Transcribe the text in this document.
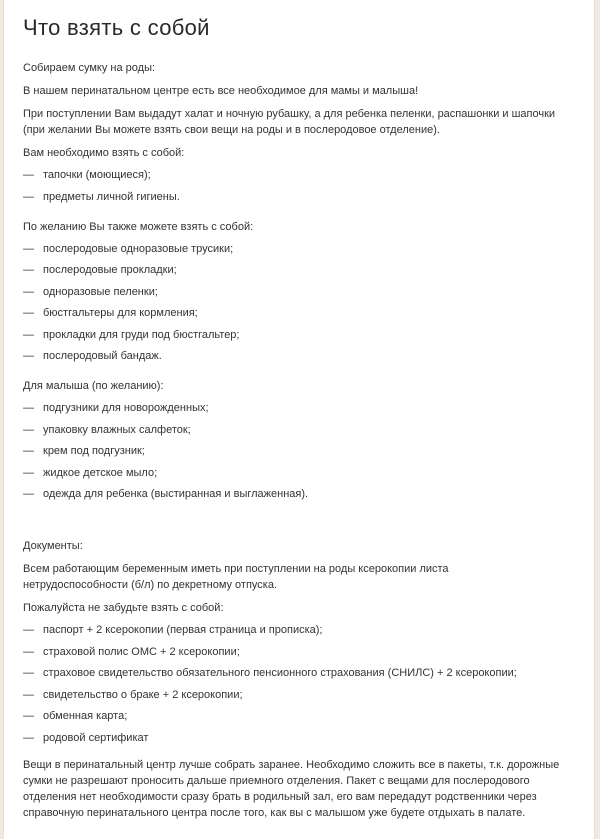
Что взять с собой
Собираем сумку на роды:
В нашем перинатальном центре есть все необходимое для мамы и малыша!
При поступлении Вам выдадут халат и ночную рубашку, а для ребенка пеленки, распашонки и шапочки
(при желании Вы можете взять свои вещи на роды и в послеродовое отделение).
Вам необходимо взять с собой:
— тапочки (моющиеся);
— предметы личной гигиены.
По желанию Вы также можете взять с собой:
— послеродовые одноразовые трусики;
— послеродовые прокладки;
— одноразовые пеленки;
— бюстгальтеры для кормления;
— прокладки для груди под бюстгальтер;
— послеродовый бандаж.
Для малыша (по желанию):
— подгузники для новорожденных;
— упаковку влажных салфеток;
— крем под подгузник;
— жидкое детское мыло;
— одежда для ребенка (выстиранная и выглаженная).
Документы:
Всем работающим беременным иметь при поступлении на роды ксерокопии листа
нетрудоспособности (б/л) по декретному отпуска.
Пожалуйста не забудьте взять с собой:
— паспорт + 2 ксерокопии (первая страница и прописка);
— страховой полис ОМС + 2 ксерокопии;
— страховое свидетельство обязательного пенсионного страхования (СНИЛС) + 2 ксерокопии;
— свидетельство о браке + 2 ксерокопии;
— обменная карта;
— родовой сертификат
Вещи в перинатальный центр лучше собрать заранее. Необходимо сложить все в пакеты, т.к. дорожные
сумки не разрешают проносить дальше приемного отделения. Пакет с вещами для послеродового
отделения нет необходимости сразу брать в родильный зал, его вам передадут родственники через
справочную перинатального центра после того, как вы с малышом уже будете отдыхать в палате.
